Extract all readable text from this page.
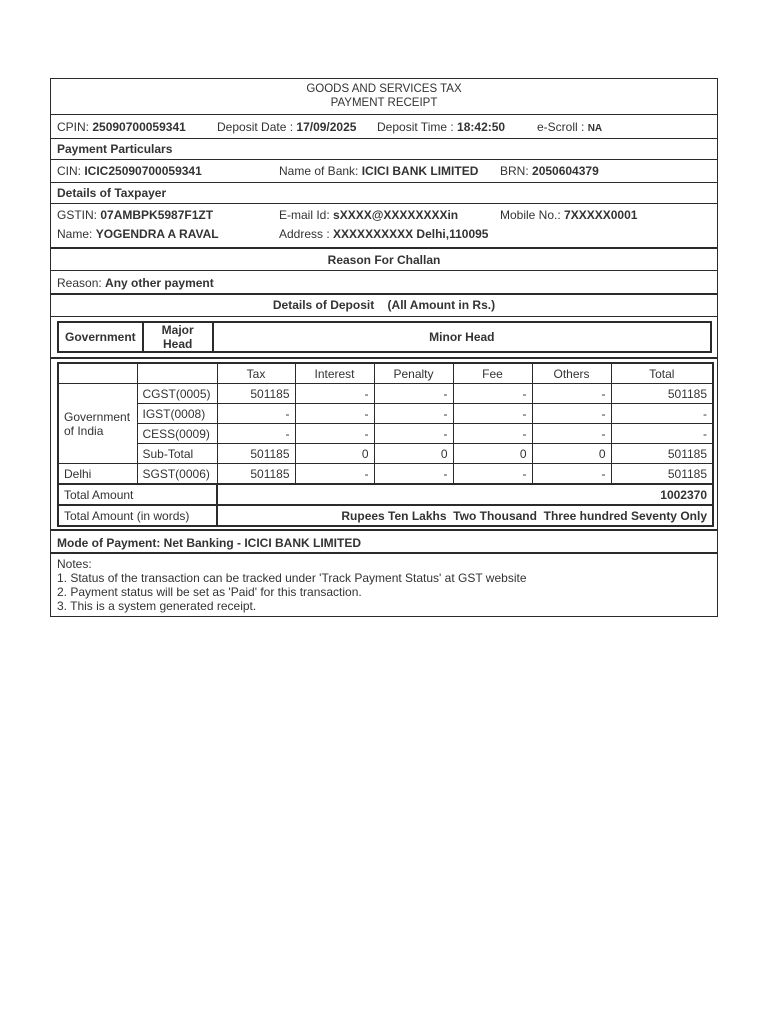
GOODS AND SERVICES TAX
PAYMENT RECEIPT
CPIN: 25090700059341	Deposit Date : 17/09/2025 Deposit Time : 18:42:50	e-Scroll : NA
Payment Particulars
CIN: ICIC25090700059341	Name of Bank: ICICI BANK LIMITED BRN: 2050604379
Details of Taxpayer
GSTIN: 07AMBPK5987F1ZT	E-mail Id: sXXXX@XXXXXXXXin	Mobile No.: 7XXXXX0001
Name: YOGENDRA A RAVAL	Address : XXXXXXXXXX Delhi,110095
Reason For Challan
Reason: Any other payment
Details of Deposit    (All Amount in Rs.)
Government	Major Head	Minor Head
		Tax	Interest	Penalty	Fee	Others	Total
Government of India	CGST(0005)	501185	-	-	-	-	501185
	IGST(0008)	-	-	-	-	-	-
	CESS(0009)	-	-	-	-	-	-
	Sub-Total	501185	0	0	0	0	501185
Delhi	SGST(0006)	501185	-	-	-	-	501185
Total Amount		1002370					
Total Amount (in words)		Rupees Ten Lakhs  Two Thousand  Three hundred Seventy Only					
Mode of Payment: Net Banking - ICICI BANK LIMITED
Notes:
1. Status of the transaction can be tracked under 'Track Payment Status' at GST website
2. Payment status will be set as 'Paid' for this transaction.
3. This is a system generated receipt.
